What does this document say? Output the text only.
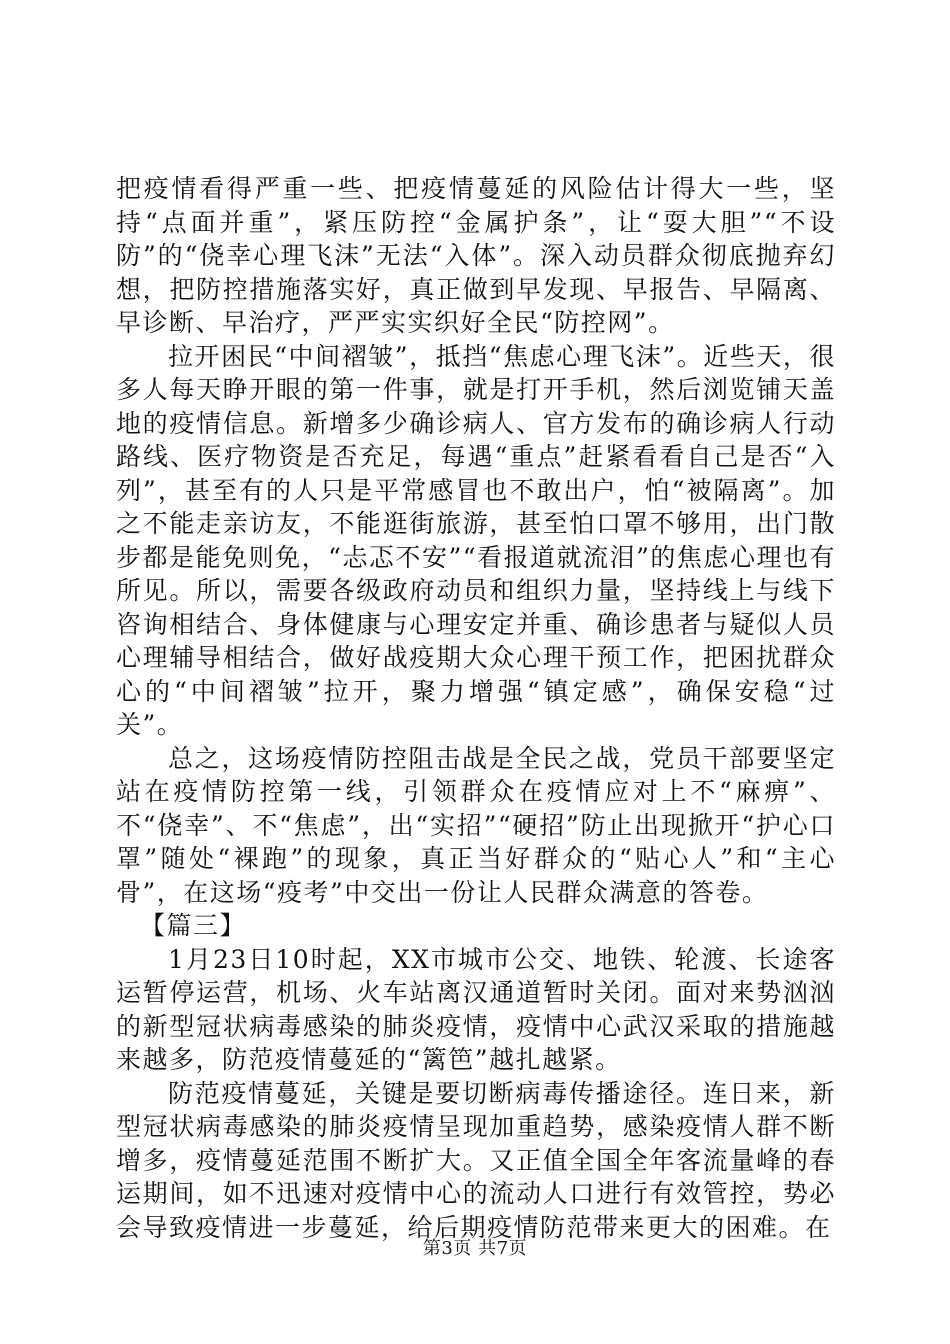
把疫情看得严重一些、把疫情蔓延的风险估计得大一些，坚持“点面并重”，紧压防控“金属护条”，让“耍大胆”“不设防”的“侥幸心理飞沫”无法“入体”。深入动员群众彻底抛弃幻想，把防控措施落实好，真正做到早发现、早报告、早隔离、早诊断、早治疗，严严实实织好全民“防控网”。

拉开困民“中间褶皱”，抵挡“焦虑心理飞沫”。近些天，很多人每天睁开眼的第一件事，就是打开手机，然后浏览铺天盖地的疫情信息。新增多少确诊病人、官方发布的确诊病人行动路线、医疗物资是否充足，每遇“重点”赶紧看看自己是否“入列”，甚至有的人只是平常感冒也不敢出户，怕“被隔离”。加之不能走亲访友，不能逛街旅游，甚至怕口罩不够用，出门散步都是能免则免，“忐忑不安”“看报道就流泪”的焦虑心理也有所见。所以，需要各级政府动员和组织力量，坚持线上与线下咨询相结合、身体健康与心理安定并重、确诊患者与疑似人员心理辅导相结合，做好战疫期大众心理干预工作，把困扰群众心的“中间褶皱”拉开，聚力增强“镇定感”，确保安稳“过关”。

总之，这场疫情防控阻击战是全民之战，党员干部要坚定站在疫情防控第一线，引领群众在疫情应对上不“麻痹”、不“侥幸”、不“焦虑”，出“实招”“硬招”防止出现掀开“护心口罩”随处“裸跑”的现象，真正当好群众的“贴心人”和“主心骨”，在这场“疫考”中交出一份让人民群众满意的答卷。

【篇三】

1月23日10时起，XX市城市公交、地铁、轮渡、长途客运暂停运营，机场、火车站离汉通道暂时关闭。面对来势汹汹的新型冠状病毒感染的肺炎疫情，疫情中心武汉采取的措施越来越多，防范疫情蔓延的“篱笆”越扎越紧。

防范疫情蔓延，关键是要切断病毒传播途径。连日来，新型冠状病毒感染的肺炎疫情呈现加重趋势，感染疫情人群不断增多，疫情蔓延范围不断扩大。又正值全国全年客流量峰的春运期间，如不迅速对疫情中心的流动人口进行有效管控，势必会导致疫情进一步蔓延，给后期疫情防范带来更大的困难。在

第3页 共7页
